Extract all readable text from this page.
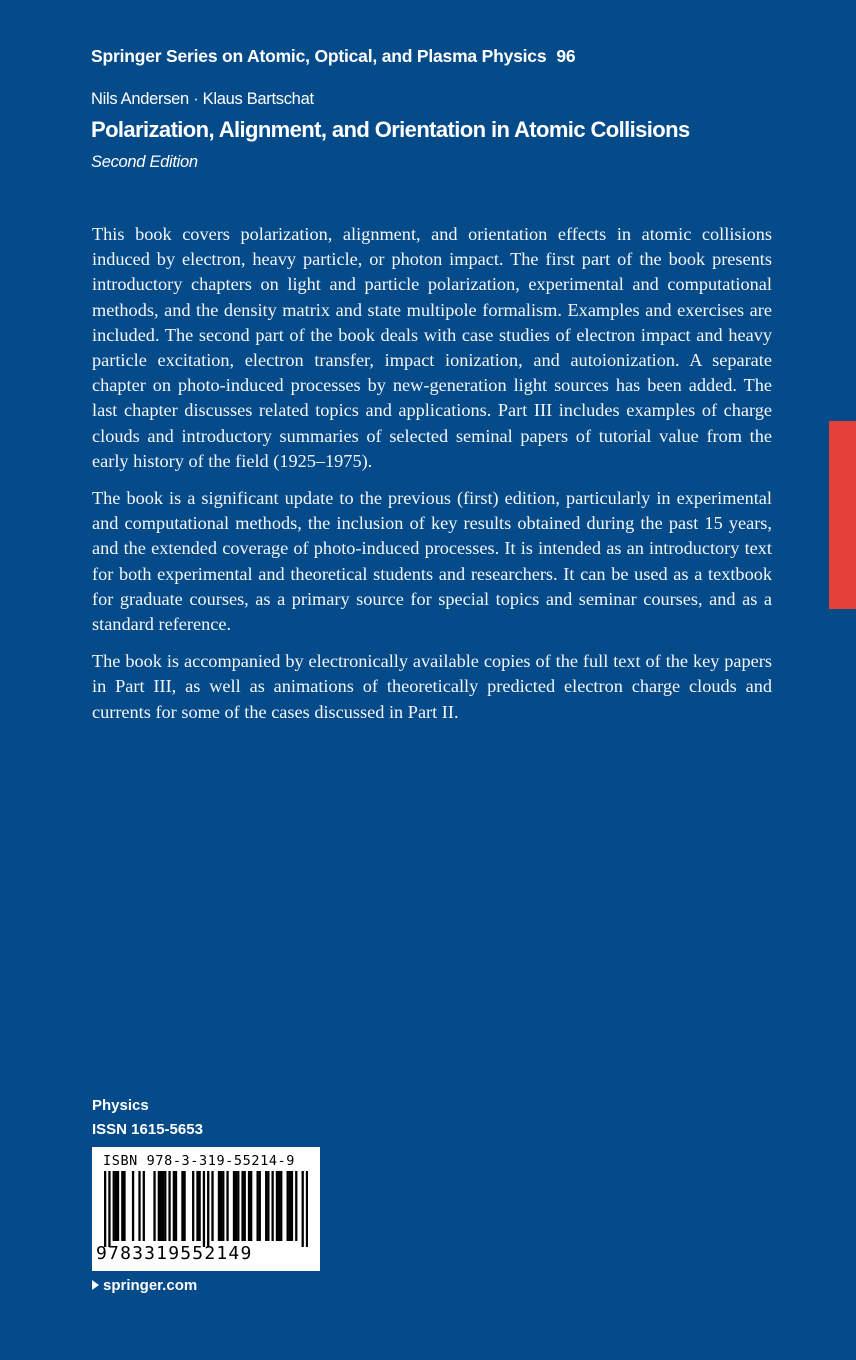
Springer Series on Atomic, Optical, and Plasma Physics 96
Nils Andersen · Klaus Bartschat
Polarization, Alignment, and Orientation in Atomic Collisions
Second Edition

This book covers polarization, alignment, and orientation effects in atomic collisions induced by electron, heavy particle, or photon impact. The first part of the book presents introductory chapters on light and particle polarization, experimental and computational methods, and the density matrix and state multipole formalism. Examples and exercises are included. The second part of the book deals with case studies of electron impact and heavy particle excitation, electron transfer, impact ionization, and autoionization. A separate chapter on photo-induced processes by new-generation light sources has been added. The last chapter discusses related topics and applications. Part III includes examples of charge clouds and introductory summaries of selected seminal papers of tutorial value from the early history of the field (1925–1975).

The book is a significant update to the previous (first) edition, particularly in experimental and computational methods, the inclusion of key results obtained during the past 15 years, and the extended coverage of photo-induced processes. It is intended as an introductory text for both experimental and theoretical students and researchers. It can be used as a textbook for graduate courses, as a primary source for special topics and seminar courses, and as a standard reference.

The book is accompanied by electronically available copies of the full text of the key papers in Part III, as well as animations of theoretically predicted electron charge clouds and currents for some of the cases discussed in Part II.

Physics
ISSN 1615-5653
ISBN 978-3-319-55214-9
9783319552149
springer.com
